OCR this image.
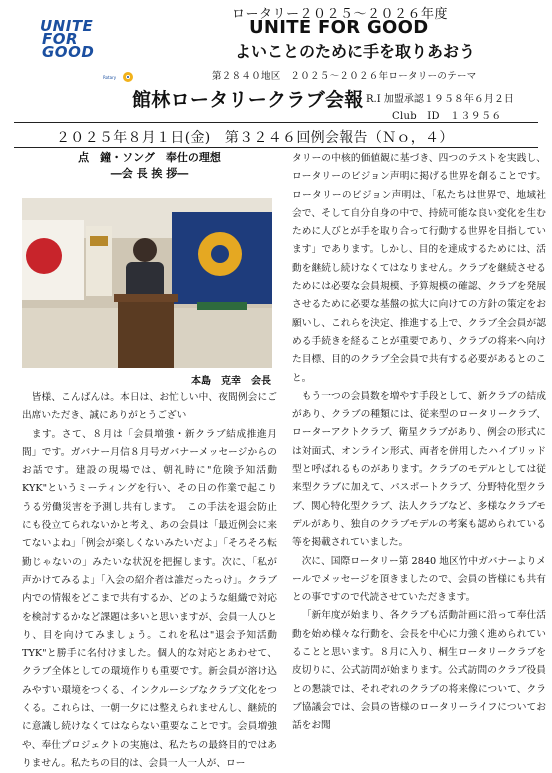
UNITE
FOR
GOOD
Rotary
ロータリー２０２５～２０２６年度
UNITE FOR GOOD
よいことのために手を取りあおう
第２８４０地区　２０２５～２０２６年ロータリーのテーマ
館林ロータリークラブ会報 R.I 加盟承認１９５８年６月２日
Club　ID　１３９５６
２０２５年８月１日(金)　第３２４６回例会報告（Ｎｏ，４）

点　鐘・ソング　奉仕の理想

―会 長 挨 拶―

本島　克幸　会長

皆様、こんばんは。本日は、お忙しい中、夜間例会にご出席いただき、誠にありがとうござい

ます。さて、８月は「会員増強・新クラブ結成推進月間」です。ガバナー月信８月号ガバナーメッセージからのお話です。建設の現場では、朝礼時に"危険予知活動 KYK"というミーティングを行い、その日の作業で起こりうる労働災害を予測し共有します。　この手法を退会防止にも役立てられないかと考え、あの会員は「最近例会に来てないよね」「例会が楽しくないみたいだよ」「そろそろ転勤じゃないの」みたいな状況を把握します。次に、「私が声かけてみるよ」「入会の紹介者は誰だったっけ」。クラブ内での情報をどこまで共有するか、どのような組織で対応を検討するかなど課題は多いと思いますが、会員一人ひとり、目を向けてみましょう。これを私は"退会予知活動 TYK"と勝手に名付けました。個人的な対応とあわせて、クラブ全体としての環境作りも重要です。新会員が溶け込みやすい環境をつくる、インクルーシブなクラブ文化をつくる。これらは、一朝一夕には整えられませんし、継続的に意識し続けなくてはならない重要なことです。会員増強や、奉仕プロジェクトの実施は、私たちの最終目的ではありません。私たちの目的は、会員一人一人が、ロー

タリーの中核的価値観に基づき、四つのテストを実践し、ロータリーのビジョン声明に掲げる世界を創ることです。ロータリーのビジョン声明は、「私たちは世界で、地域社会で、そして自分自身の中で、持続可能な良い変化を生むために人びとが手を取り合って行動する世界を目指しています」であります。しかし、目的を達成するためには、活動を継続し続けなくてはなりません。クラブを継続させるためには必要な会員規模、予算規模の確認、クラブを発展させるために必要な基盤の拡大に向けての方針の策定をお願いし、これらを決定、推進する上で、クラブ全会員が認める手続きを経ることが重要であり、クラブの将来へ向けた目標、目的のクラブ全会員で共有する必要があるとのこと。

もう一つの会員数を増やす手段として、新クラブの結成があり、クラブの種類には、従来型のロータリークラブ、ローターアクトクラブ、衛星クラブがあり、例会の形式には対面式、オンライン形式、両者を併用したハイブリッド型と呼ばれるものがあります。クラブのモデルとしては従来型クラブに加えて、パスポートクラブ、分野特化型クラブ、関心特化型クラブ、法人クラブなど、多様なクラブモデルがあり、独自のクラブモデルの考案も認められている等を掲載されていました。

次に、国際ロータリー第 2840 地区竹中ガバナーよりメールでメッセージを頂きましたので、会員の皆様にも共有との事ですので代読させていただきます。

「新年度が始まり、各クラブも活動計画に沿って奉仕活動を始め様々な行動を、会長を中心に力強く進められていることと思います。８月に入り、桐生ロータリークラブを皮切りに、公式訪問が始まります。公式訪問のクラブ役員との懇談では、それぞれのクラブの将来像について、クラブ協議会では、会員の皆様のロータリーライフについてお話をお聞
